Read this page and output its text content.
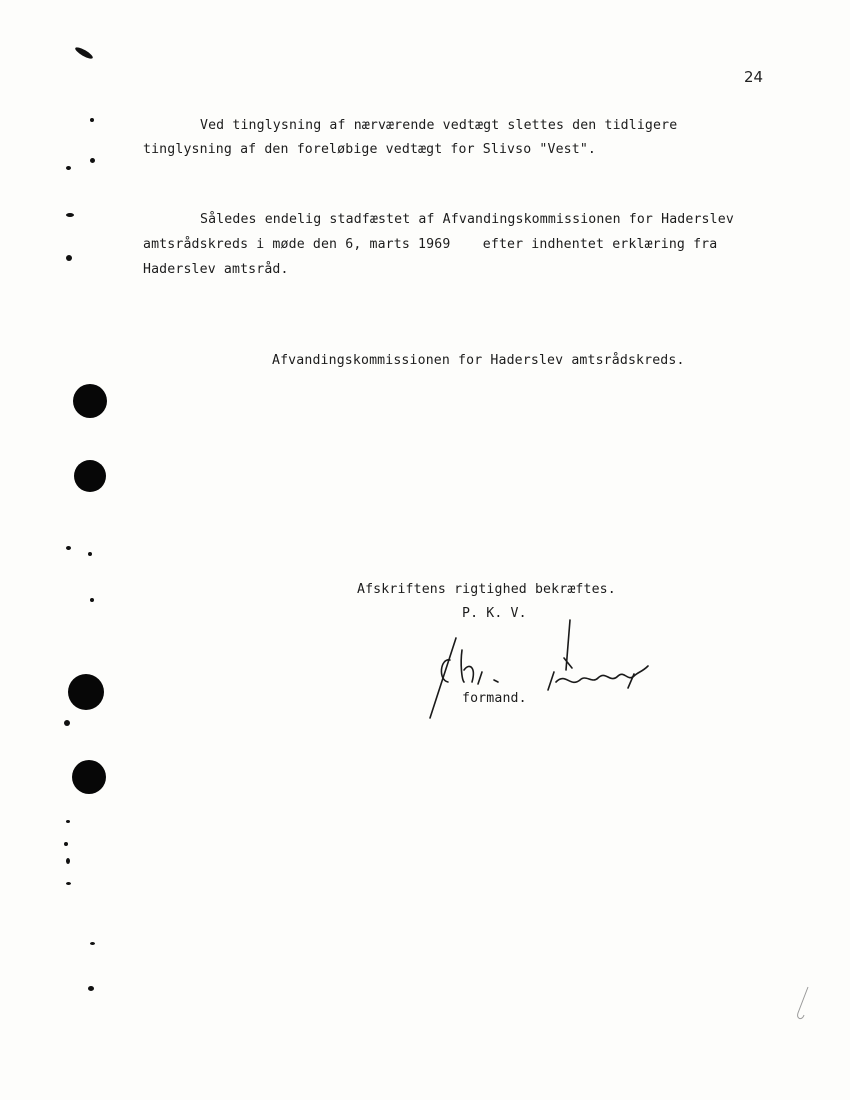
24
Ved tinglysning af nærværende vedtægt slettes den tidligere
tinglysning af den foreløbige vedtægt for Slivso "Vest".
Således endelig stadfæstet af Afvandingskommissionen for Haderslev
amtsrådskreds i møde den 6, marts 1969    efter indhentet erklæring fra
Haderslev amtsråd.
Afvandingskommissionen for Haderslev amtsrådskreds.
Afskriftens rigtighed bekræftes.
P. K. V.
formand.
